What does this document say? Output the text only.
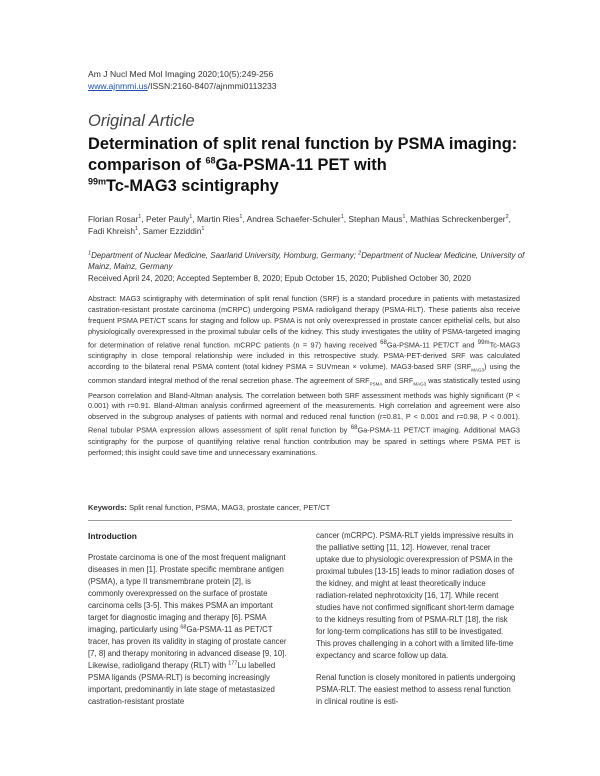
Am J Nucl Med Mol Imaging 2020;10(5):249-256
www.ajnmmi.us/ISSN:2160-8407/ajnmmi0113233
Original Article
Determination of split renal function by PSMA imaging:
comparison of $^{68}$Ga-PSMA-11 PET with
$^{99m}$Tc-MAG3 scintigraphy
Florian Rosar$^1$, Peter Pauly$^1$, Martin Ries$^1$, Andrea Schaefer-Schuler$^1$, Stephan Maus$^1$, Mathias Schreckenberger$^2$, Fadi Khreish$^1$, Samer Ezziddin$^1$
$^1$Department of Nuclear Medicine, Saarland University, Homburg, Germany; $^2$Department of Nuclear Medicine, University of Mainz, Mainz, Germany
Received April 24, 2020; Accepted September 8, 2020; Epub October 15, 2020; Published October 30, 2020
Abstract: MAG3 scintigraphy with determination of split renal function (SRF) is a standard procedure in patients with metastasized castration-resistant prostate carcinoma (mCRPC) undergoing PSMA radioligand therapy (PSMA-RLT). These patients also receive frequent PSMA PET/CT scans for staging and follow up. PSMA is not only overexpressed in prostate cancer epithelial cells, but also physiologically overexpressed in the proximal tubular cells of the kidney. This study investigates the utility of PSMA-targeted imaging for determination of relative renal function. mCRPC patients (n = 97) having received $^{68}$Ga-PSMA-11 PET/CT and $^{99m}$Tc-MAG3 scintigraphy in close temporal relationship were included in this retrospective study. PSMA-PET-derived SRF was calculated according to the bilateral renal PSMA content (total kidney PSMA = SUVmean × volume). MAG3-based SRF $(SRF_{MAG3})$ using the common standard integral method of the renal secretion phase. The agreement of $SRF_{PSMA}$ and $SRF_{MAG3}$ was statistically tested using Pearson correlation and Bland-Altman analysis. The correlation between both SRF assessment methods was highly significant (P < 0.001) with r=0.91. Bland-Altman analysis confirmed agreement of the measurements. High correlation and agreement were also observed in the subgroup analyses of patients with normal and reduced renal function (r=0.81, P < 0.001 and r=0.98, P < 0.001). Renal tubular PSMA expression allows assessment of split renal function by $^{68}$Ga-PSMA-11 PET/CT imaging. Additional MAG3 scintigraphy for the purpose of quantifying relative renal function contribution may be spared in settings where PSMA PET is performed; this insight could save time and unnecessary examinations.
Keywords: Split renal function, PSMA, MAG3, prostate cancer, PET/CT
Introduction

Prostate carcinoma is one of the most frequent malignant diseases in men [1]. Prostate specific membrane antigen (PSMA), a type II transmembrane protein [2], is commonly overexpressed on the surface of prostate carcinoma cells [3-5]. This makes PSMA an important target for diagnostic imaging and therapy [6]. PSMA imaging, particularly using $^{68}$Ga-PSMA-11 as PET/CT tracer, has proven its validity in staging of prostate cancer [7, 8] and therapy monitoring in advanced disease [9, 10]. Likewise, radioligand therapy (RLT) with $^{177}$Lu labelled PSMA ligands (PSMA-RLT) is becoming increasingly important, predominantly in late stage of metastasized castration-resistant prostate

cancer (mCRPC). PSMA-RLT yields impressive results in the palliative setting [11, 12]. However, renal tracer uptake due to physiologic overexpression of PSMA in the proximal tubules [13-15] leads to minor radiation doses of the kidney, and might at least theoretically induce radiation-related nephrotoxicity [16, 17]. While recent studies have not confirmed significant short-term damage to the kidneys resulting from of PSMA-RLT [18], the risk for long-term complications has still to be investigated. This proves challenging in a cohort with a limited life-time expectancy and scarce follow up data.

Renal function is closely monitored in patients undergoing PSMA-RLT. The easiest method to assess renal function in clinical routine is esti-
